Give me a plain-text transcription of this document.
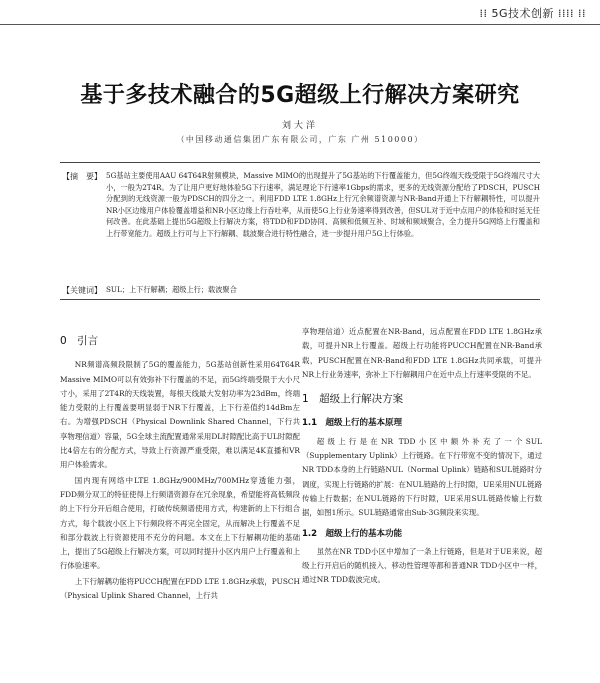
⁞⁞ 5G技术创新 ⁞⁞⁞⁞ ⁞⁞
基于多技术融合的5G超级上行解决方案研究
刘大洋
（中国移动通信集团广东有限公司，广东 广州 510000）
【摘　要】 5G基站主要使用AAU 64T64R射频模块，Massive MIMO的出现提升了5G基站的下行覆盖能力，但5G终端天线受限于5G终端尺寸大小，一般为2T4R。为了让用户更好地体验5G下行速率，满足理论下行速率1Gbps的需求，更多的无线资源分配给了PDSCH，PUSCH分配到的无线资源一般为PDSCH的四分之一。利用FDD LTE 1.8GHz上行冗余频谱资源与NR-Band开通上下行解耦特性，可以提升NR小区边缘用户体验覆盖增益和NR小区边缘上行吞吐率，从而使5G上行业务速率得到改善，但SUL对于近中点用户的体验和时延无任何改善。在此基础上提出5G超级上行解决方案，将TDD和FDD协同、高频和低频互补、时域和频域聚合，全力提升5G网络上行覆盖和上行带宽能力。超级上行可与上下行解耦、载波聚合进行特性融合，进一步提升用户5G上行体验。
【关键词】 SUL；上下行解耦；超级上行；载波聚合
0　引言

NR频谱高频段限制了5G的覆盖能力，5G基站创新性采用64T64R Massive MIMO可以有效弥补下行覆盖的不足，而5G终端受限于大小尺寸小，采用了2T4R的天线装置，每根天线最大发射功率为23dBm，终端能力受限的上行覆盖要明显弱于NR下行覆盖，上下行差值约14dBm左右。为增强PDSCH（Physical Downlink Shared Channel，下行共享物理信道）容量，5G全球主流配置通常采用DL时隙配比高于UL时隙配比4倍左右的分配方式，导致上行资源严重受限，难以满足4K直播和VR用户体验需求。

国内现有网络中LTE 1.8GHz/900MHz/700MHz穿透能力强，FDD频分双工的特征使得上行频谱资源存在冗余现象，希望能将高低频段的上下行分开后组合使用，打破传统频谱使用方式，构建新的上下行组合方式，每个载波小区上下行频段将不再完全固定，从而解决上行覆盖不足和部分载波上行资源使用不充分的问题。本文在上下行解耦功能的基础上，提出了5G超级上行解决方案，可以同时提升小区内用户上行覆盖和上行体验速率。

上下行解耦功能将PUCCH配置在FDD LTE 1.8GHz承载，PUSCH（Physical Uplink Shared Channel，上行共

享物理信道）近点配置在NR-Band，远点配置在FDD LTE 1.8GHz承载，可提升NR上行覆盖。超级上行功能将PUCCH配置在NR-Band承载，PUSCH配置在NR-Band和FDD LTE 1.8GHz共同承载，可提升NR上行业务速率，弥补上下行解耦用户在近中点上行速率受限的不足。

1　超级上行解决方案
1.1　超级上行的基本原理

超级上行是在NR TDD小区中额外补充了一个SUL（Supplementary Uplink）上行链路。在下行带宽不变的情况下，通过NR TDD本身的上行链路NUL（Normal Uplink）链路和SUL链路时分调度，实现上行链路的扩展：在NUL链路的上行时隙，UE采用NUL链路传输上行数据；在NUL链路的下行时隙，UE采用SUL链路传输上行数据，如图1所示。SUL链路通常由Sub-3G频段来实现。

1.2　超级上行的基本功能

虽然在NR TDD小区中增加了一条上行链路，但是对于UE来说，超级上行开启后的随机接入、移动性管理等都和普通NR TDD小区中一样，通过NR TDD载波完成。
